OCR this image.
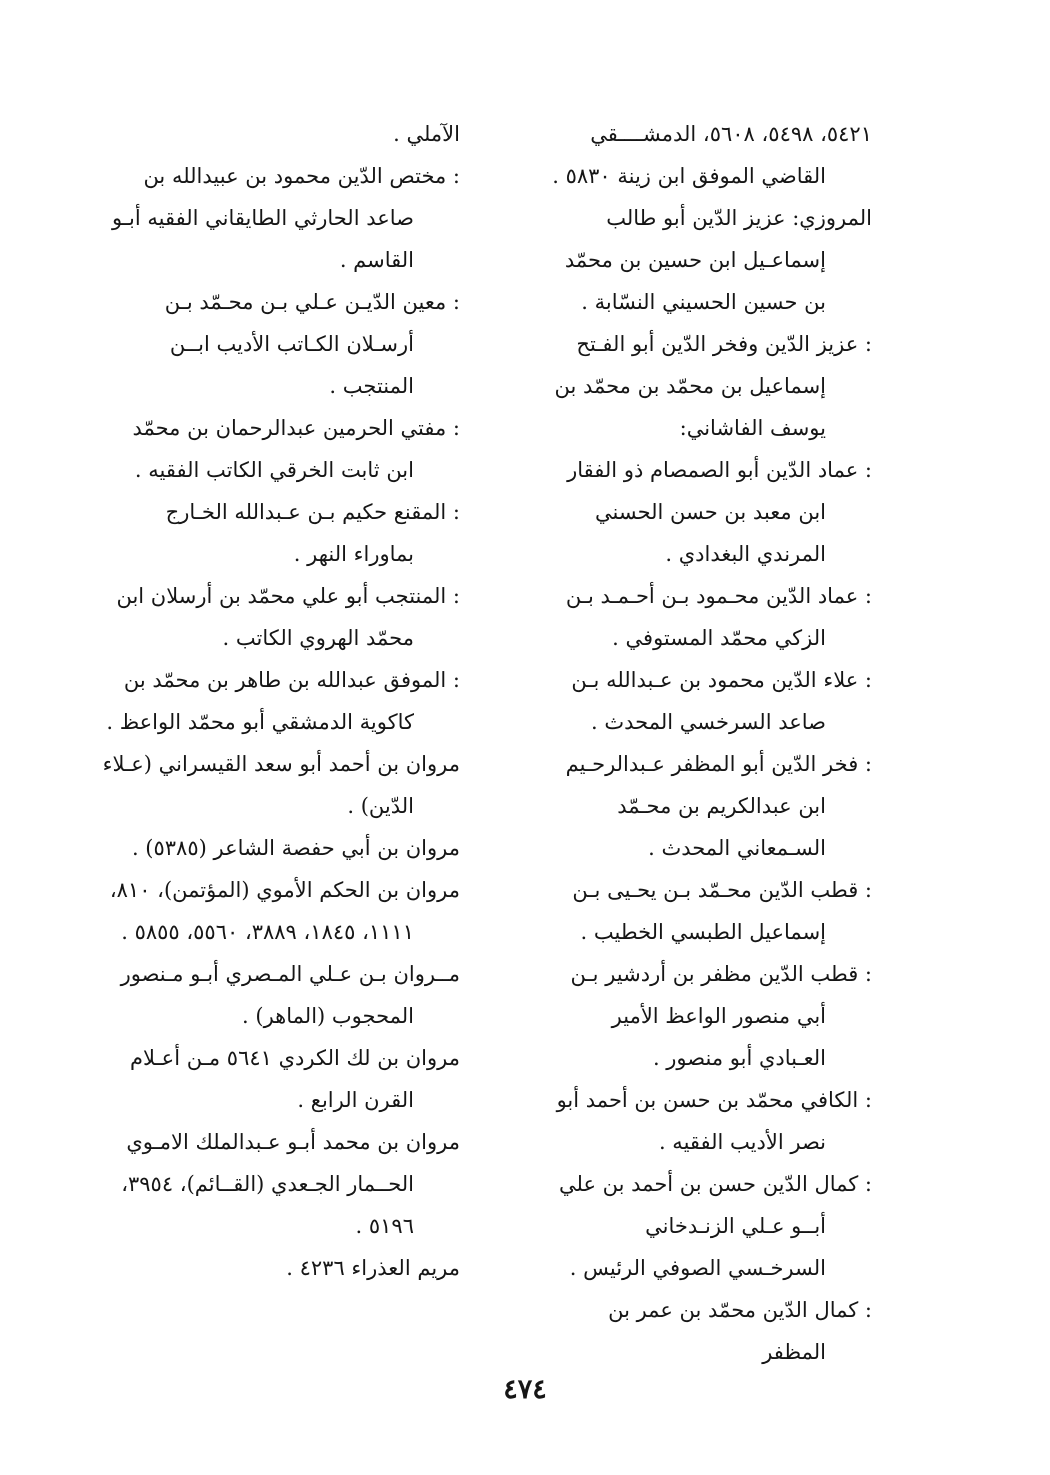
٥٤٢١، ٥٤٩٨، ٥٦٠٨، الدمشــــقي القاضي الموفق ابن زينة ٥٨٣٠ .

المروزي: عزيز الدّين أبو طالب إسماعـيل ابن حسين بن محمّد بن حسين الحسيني النسّابة .

: عزيز الدّين وفخر الدّين أبو الفـتح إسماعيل بن محمّد بن محمّد بن يوسف الفاشاني:

: عماد الدّين أبو الصمصام ذو الفقار ابن معبد بن حسن الحسني المرندي البغدادي .

: عماد الدّين محـمود بـن أحـمـد بـن الزكي محمّد المستوفي .

: علاء الدّين محمود بن عـبدالله بـن صاعد السرخسي المحدث .

: فخر الدّين أبو المظفر عـبدالرحـيم ابن عبدالكريم بن محـمّد السـمعاني المحدث .

: قطب الدّين محـمّد بـن يحـيى بـن إسماعيل الطبسي الخطيب .

: قطب الدّين مظفر بن أردشير بـن أبي منصور الواعظ الأمير العـبادي أبو منصور .

: الكافي محمّد بن حسن بن أحمد أبو نصر الأديب الفقيه .

: كمال الدّين حسن بن أحمد بن علي أبــو عـلي الزنـدخاني السرخـسي الصوفي الرئيس .

: كمال الدّين محمّد بن عمر بن المظفر

الآملي .

: مختص الدّين محمود بن عبيدالله بن صاعد الحارثي الطايقاني الفقيه أبـو القاسم .

: معين الدّيـن عـلي بـن محـمّد بـن أرسـلان الكـاتب الأديب ابــن المنتجب .

: مفتي الحرمين عبدالرحمان بن محمّد ابن ثابت الخرقي الكاتب الفقيه .

: المقنع حكيم بـن عـبدالله الخـارج بماوراء النهر .

: المنتجب أبو علي محمّد بن أرسلان ابن محمّد الهروي الكاتب .

: الموفق عبدالله بن طاهر بن محمّد بن كاكوية الدمشقي أبو محمّد الواعظ .

مروان بن أحمد أبو سعد القيسراني (عـلاء الدّين) .

مروان بن أبي حفصة الشاعر (٥٣٨٥) .

مروان بن الحكم الأموي (المؤتمن)، ٨١٠، ١١١١، ١٨٤٥، ٣٨٨٩، ٥٥٦٠، ٥٨٥٥ .

مــروان بـن عـلي المـصري أبـو مـنصور المحجوب (الماهر) .

مروان بن لك الكردي ٥٦٤١ مـن أعـلام القرن الرابع .

مروان بن محمد أبـو عـبدالملك الامـوي الحــمار الجـعدي (القــائم)، ٣٩٥٤، ٥١٩٦ .

مريم العذراء ٤٢٣٦ .

٤٧٤
